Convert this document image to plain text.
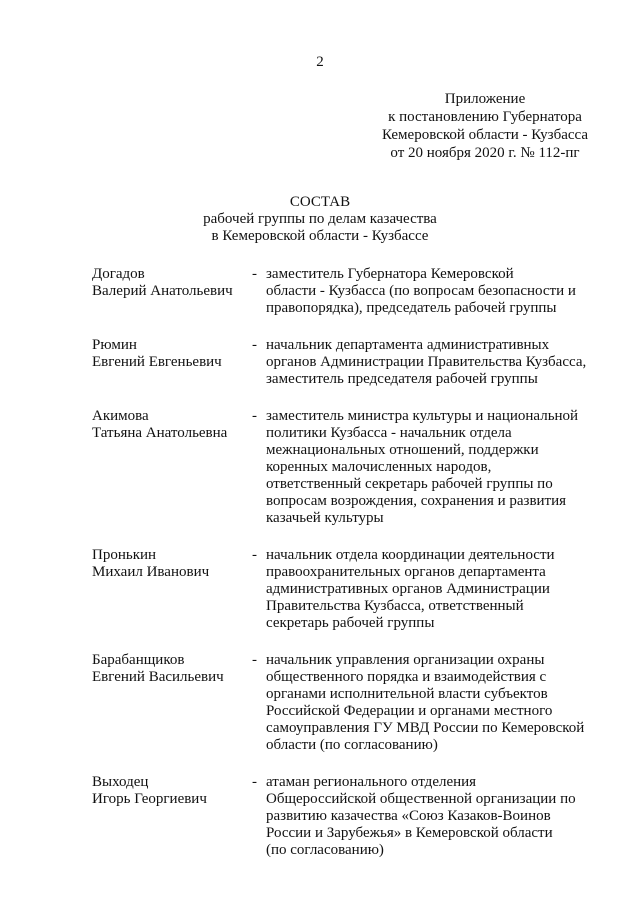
2
Приложение
к постановлению Губернатора
Кемеровской области - Кузбасса
от 20 ноября 2020 г. № 112-пг
СОСТАВ
рабочей группы по делам казачества
в Кемеровской области - Кузбассе
Догадов
Валерий Анатольевич
- заместитель Губернатора Кемеровской
области - Кузбасса (по вопросам безопасности и
правопорядка), председатель рабочей группы
Рюмин
Евгений Евгеньевич
- начальник департамента административных
органов Администрации Правительства Кузбасса,
заместитель председателя рабочей группы
Акимова
Татьяна Анатольевна
- заместитель министра культуры и национальной
политики Кузбасса - начальник отдела
межнациональных отношений, поддержки
коренных малочисленных народов,
ответственный секретарь рабочей группы по
вопросам возрождения, сохранения и развития
казачьей культуры
Пронькин
Михаил Иванович
- начальник отдела координации деятельности
правоохранительных органов департамента
административных органов Администрации
Правительства Кузбасса, ответственный
секретарь рабочей группы
Барабанщиков
Евгений Васильевич
- начальник управления организации охраны
общественного порядка и взаимодействия с
органами исполнительной власти субъектов
Российской Федерации и органами местного
самоуправления ГУ МВД России по Кемеровской
области (по согласованию)
Выходец
Игорь Георгиевич
- атаман регионального отделения
Общероссийской общественной организации по
развитию казачества «Союз Казаков-Воинов
России и Зарубежья» в Кемеровской области
(по согласованию)
